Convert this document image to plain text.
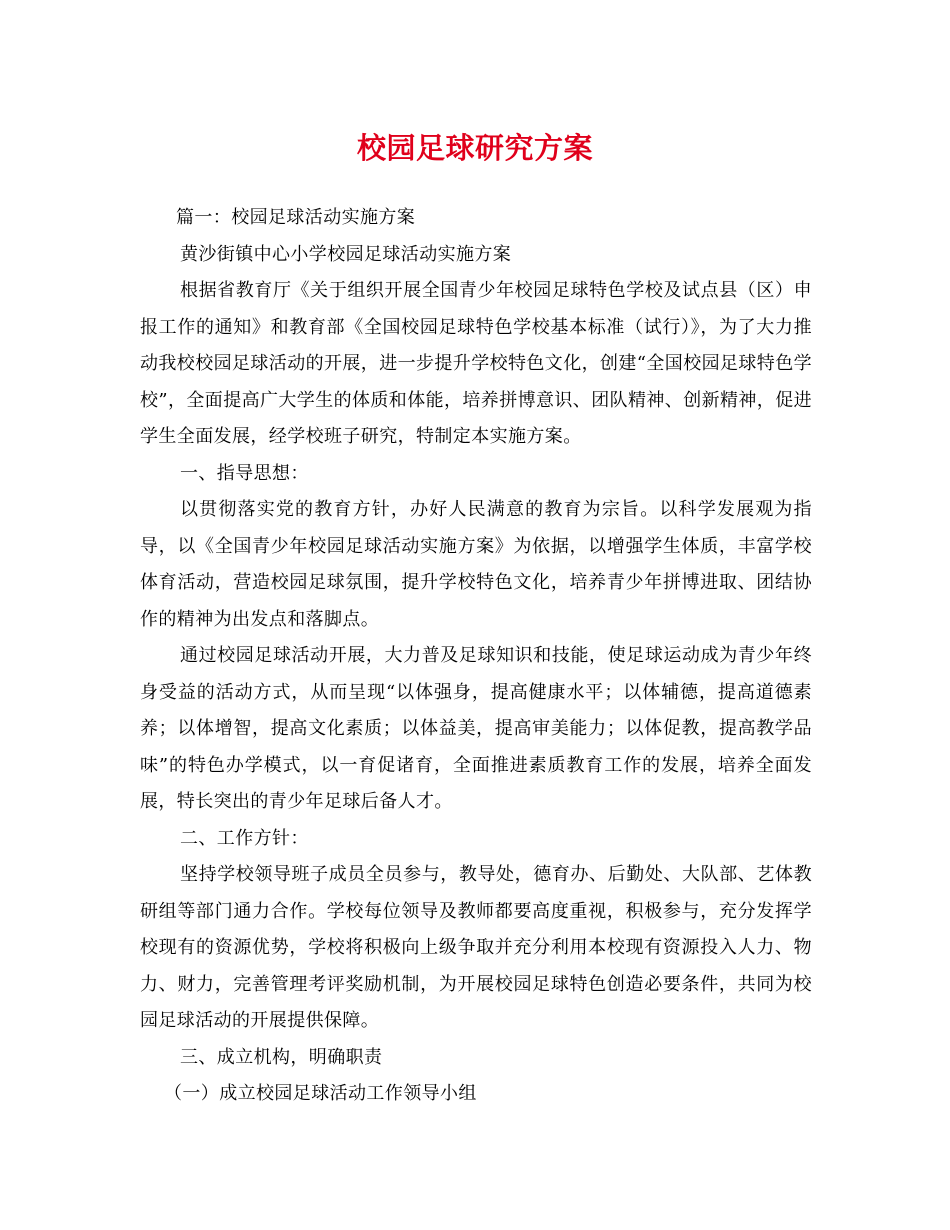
校园足球研究方案

篇一：校园足球活动实施方案

黄沙街镇中心小学校园足球活动实施方案

根据省教育厅《关于组织开展全国青少年校园足球特色学校及试点县（区）申报工作的通知》和教育部《全国校园足球特色学校基本标准（试行）》，为了大力推动我校校园足球活动的开展，进一步提升学校特色文化，创建“全国校园足球特色学校”，全面提高广大学生的体质和体能，培养拼博意识、团队精神、创新精神，促进学生全面发展，经学校班子研究，特制定本实施方案。

一、指导思想：

以贯彻落实党的教育方针，办好人民满意的教育为宗旨。以科学发展观为指导，以《全国青少年校园足球活动实施方案》为依据，以增强学生体质，丰富学校体育活动，营造校园足球氛围，提升学校特色文化，培养青少年拼博进取、团结协作的精神为出发点和落脚点。

通过校园足球活动开展，大力普及足球知识和技能，使足球运动成为青少年终身受益的活动方式，从而呈现“以体强身，提高健康水平；以体辅德，提高道德素养；以体增智，提高文化素质；以体益美，提高审美能力；以体促教，提高教学品味”的特色办学模式，以一育促诸育，全面推进素质教育工作的发展，培养全面发展，特长突出的青少年足球后备人才。

二、工作方针：

坚持学校领导班子成员全员参与，教导处，德育办、后勤处、大队部、艺体教研组等部门通力合作。学校每位领导及教师都要高度重视，积极参与，充分发挥学校现有的资源优势，学校将积极向上级争取并充分利用本校现有资源投入人力、物力、财力，完善管理考评奖励机制，为开展校园足球特色创造必要条件，共同为校园足球活动的开展提供保障。

三、成立机构，明确职责

（一）成立校园足球活动工作领导小组
